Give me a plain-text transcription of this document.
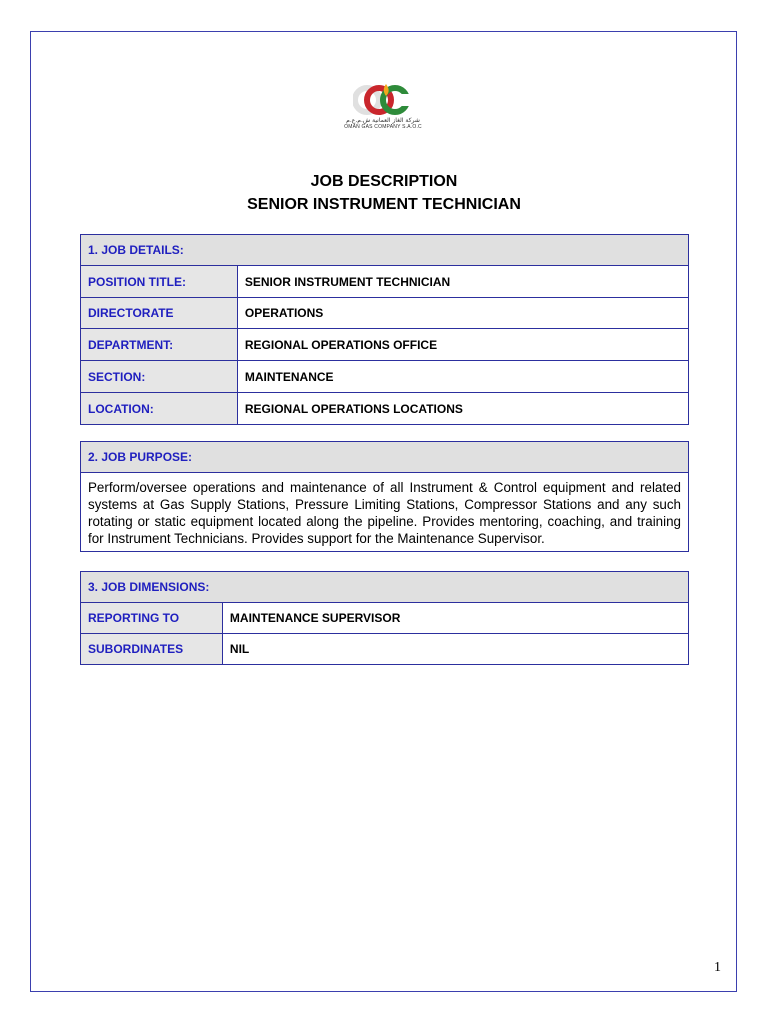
شركة الغاز العمانية ش.م.ع.م
OMAN GAS COMPANY S.A.O.C
JOB DESCRIPTION
SENIOR INSTRUMENT TECHNICIAN
1. JOB DETAILS:	
POSITION TITLE:	SENIOR INSTRUMENT TECHNICIAN
DIRECTORATE	OPERATIONS
DEPARTMENT:	REGIONAL OPERATIONS OFFICE
SECTION:	MAINTENANCE
LOCATION:	REGIONAL OPERATIONS LOCATIONS
2. JOB PURPOSE:
Perform/oversee operations and maintenance of all Instrument & Control equipment and related systems at Gas Supply Stations, Pressure Limiting Stations, Compressor Stations and any such rotating or static equipment located along the pipeline. Provides mentoring, coaching, and training for Instrument Technicians. Provides support for the Maintenance Supervisor.
3. JOB DIMENSIONS:	
REPORTING TO	MAINTENANCE SUPERVISOR
SUBORDINATES	NIL
1
